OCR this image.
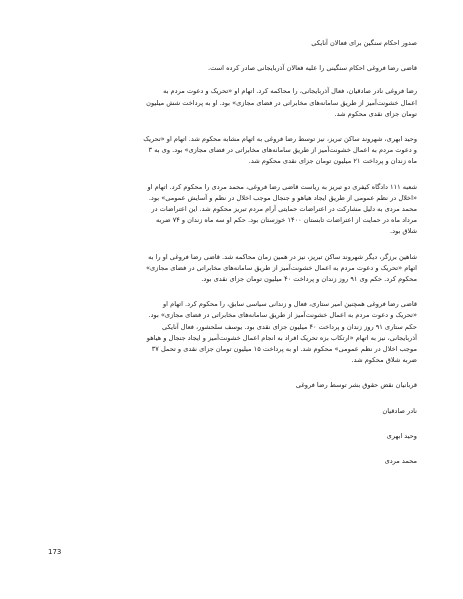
صدور احکام سنگین برای فعالان آنایکی

قاضی رضا فروغی احکام سنگینی را علیه فعالان آذربایجانی صادر کرده است.

رضا فروغی نادر صادقیان، فعال آذربایجانی، را محاکمه کرد. اتهام او «تحریک و دعوت مردم به

اعمال خشونت‌آمیز از طریق سامانه‌های مخابراتی در فضای مجازی» بود. او به پرداخت شش میلیون

تومان جزای نقدی محکوم شد.

وحید ابهری، شهروند ساکن تبریز، نیز توسط رضا فروغی به اتهام مشابه محکوم شد. اتهام او «تحریک

و دعوت مردم به اعمال خشونت‌آمیز از طریق سامانه‌های مخابراتی در فضای مجازی» بود. وی به ۳

ماه زندان و پرداخت ۲۱ میلیون تومان جزای نقدی محکوم شد.

شعبه ۱۱۱ دادگاه کیفری دو تبریز به ریاست قاضی رضا فروغی، محمد مردی را محکوم کرد. اتهام او

«اخلال در نظم عمومی از طریق ایجاد هیاهو و جنجال موجب اخلال در نظم و آسایش عمومی» بود.

محمد مردی به دلیل مشارکت در اعتراضات حمایتی آرام مردم تبریز محکوم شد. این اعتراضات در

مرداد ماه در حمایت از اعتراضات تابستان ۱۴۰۰ خوزستان بود. حکم او سه ماه زندان و ۷۴ ضربه

شلاق بود.

شاهین برزگر، دیگر شهروند ساکن تبریز، نیز در همین زمان محاکمه شد. قاضی رضا فروغی او را به

اتهام «تحریک و دعوت مردم به اعمال خشونت‌آمیز از طریق سامانه‌های مخابراتی در فضای مجازی»

محکوم کرد. حکم وی ۹۱ روز زندان و پرداخت ۴۰ میلیون تومان جزای نقدی بود.

قاضی رضا فروغی همچنین امیر ستاری، فعال و زندانی سیاسی سابق، را محکوم کرد. اتهام او

«تحریک و دعوت مردم به اعمال خشونت‌آمیز از طریق سامانه‌های مخابراتی در فضای مجازی» بود.

حکم ستاری ۹۱ روز زندان و پرداخت ۴۰ میلیون جزای نقدی بود. یوسف سلحشور، فعال آنایکی

آذربایجانی، نیز به اتهام «ارتکاب بزه تحریک افراد به انجام اعمال خشونت‌آمیز و ایجاد جنجال و هیاهو

موجب اخلال در نظم عمومی» محکوم شد. او به پرداخت ۱۵ میلیون تومان جزای نقدی و تحمل ۳۷

ضربه شلاق محکوم شد.

قربانیان نقض حقوق بشر توسط رضا فروغی

نادر صادقیان

وحید ابهری

محمد مردی

173
